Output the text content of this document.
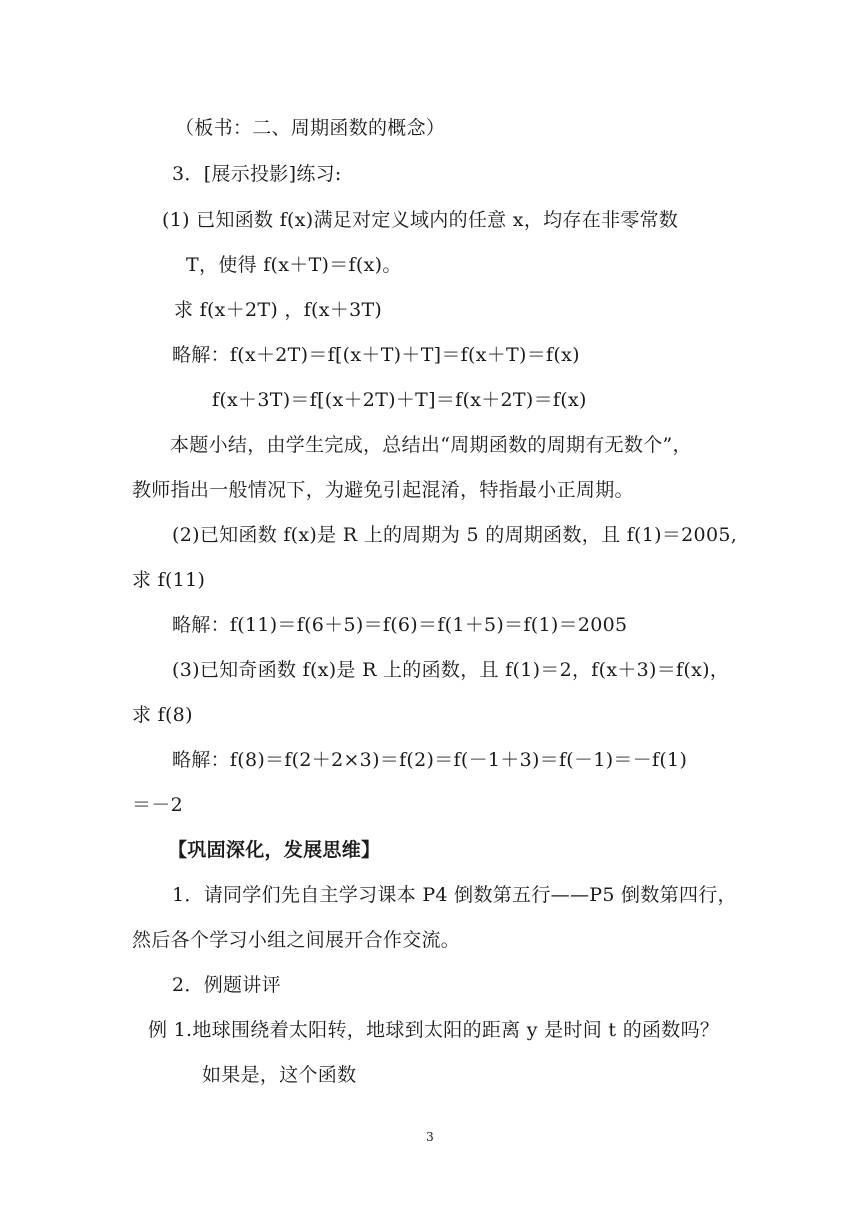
（板书：二、周期函数的概念）
3．[展示投影]练习:
(1) 已知函数 f(x)满足对定义域内的任意 x，均存在非零常数
T，使得 f(x＋T)＝f(x)。
求 f(x＋2T) ，f(x＋3T)
略解：f(x＋2T)＝f[(x＋T)＋T]＝f(x＋T)＝f(x)
f(x＋3T)＝f[(x＋2T)＋T]＝f(x＋2T)＝f(x)
本题小结，由学生完成，总结出“周期函数的周期有无数个”，
教师指出一般情况下，为避免引起混淆，特指最小正周期。
(2)已知函数 f(x)是 R 上的周期为 5 的周期函数，且 f(1)＝2005,
求 f(11)
略解：f(11)＝f(6＋5)＝f(6)＝f(1＋5)＝f(1)＝2005
(3)已知奇函数 f(x)是 R 上的函数，且 f(1)＝2，f(x＋3)＝f(x)，
求 f(8)
略解：f(8)＝f(2＋2×3)＝f(2)＝f(－1＋3)＝f(－1)＝－f(1)
＝－2
【巩固深化，发展思维】
1．请同学们先自主学习课本 P4 倒数第五行——P5 倒数第四行，
然后各个学习小组之间展开合作交流。
2．例题讲评
例 1.地球围绕着太阳转，地球到太阳的距离 y 是时间 t 的函数吗？
如果是，这个函数
3
